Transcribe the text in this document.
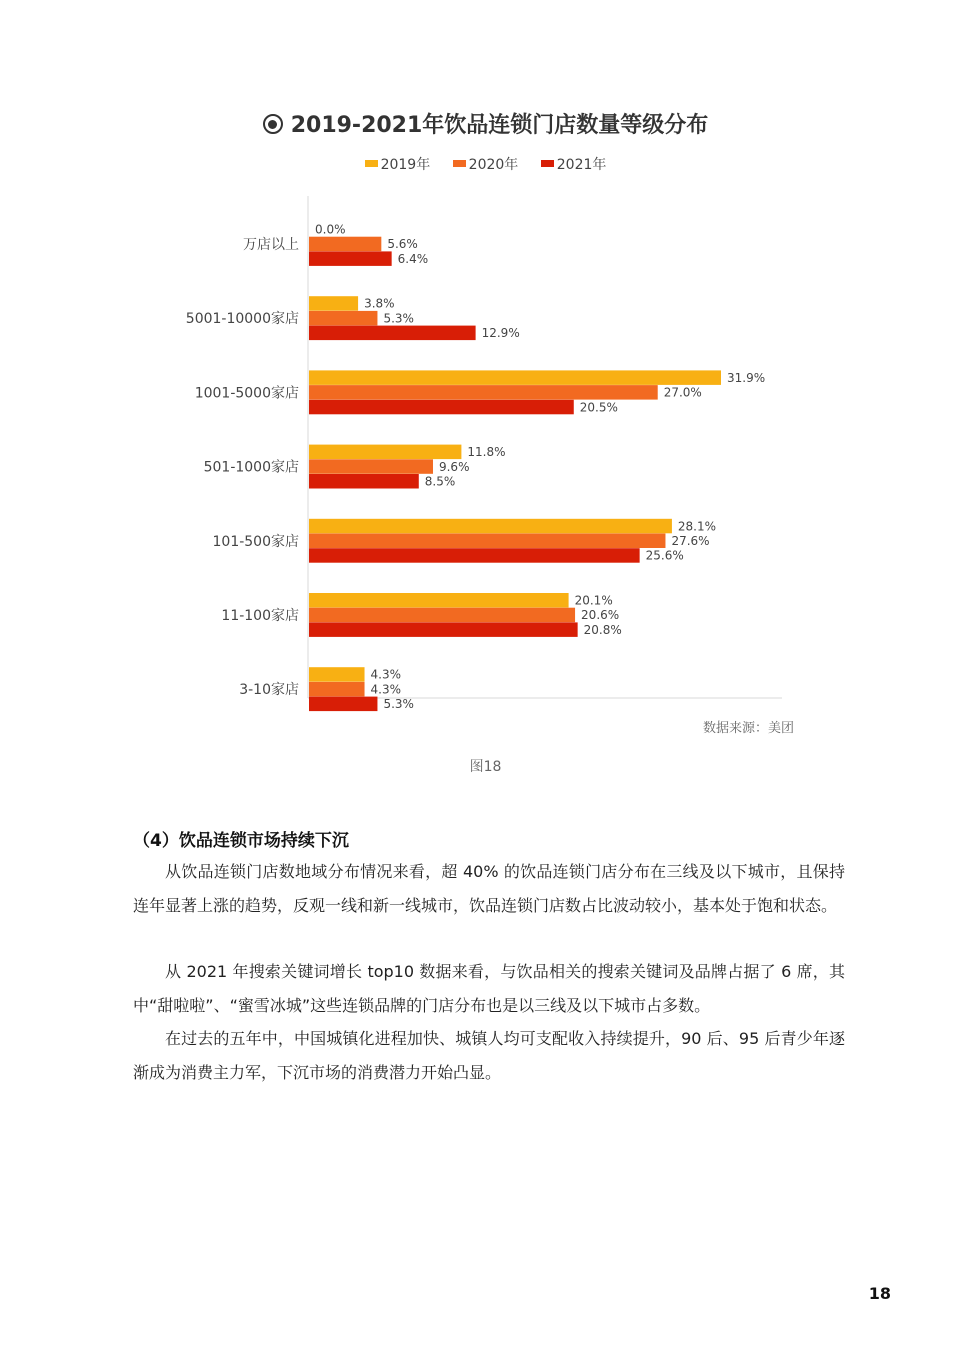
2019-2021年饮品连锁门店数量等级分布
2019年	2020年	2021年
万店以上
0.0%
5.6%
6.4%
5001-10000家店
3.8%
5.3%
12.9%
1001-5000家店
31.9%
27.0%
20.5%
501-1000家店
11.8%
9.6%
8.5%
101-500家店
28.1%
27.6%
25.6%
11-100家店
20.1%
20.6%
20.8%
3-10家店
4.3%
4.3%
5.3%
数据来源：美团
图18
（4）饮品连锁市场持续下沉

从饮品连锁门店数地域分布情况来看，超 40% 的饮品连锁门店分布在三线及以下城市，且保持连年显著上涨的趋势，反观一线和新一线城市，饮品连锁门店数占比波动较小，基本处于饱和状态。

从 2021 年搜索关键词增长 top10 数据来看，与饮品相关的搜索关键词及品牌占据了 6 席，其中“甜啦啦”、“蜜雪冰城”这些连锁品牌的门店分布也是以三线及以下城市占多数。

在过去的五年中，中国城镇化进程加快、城镇人均可支配收入持续提升，90 后、95 后青少年逐渐成为消费主力军，下沉市场的消费潜力开始凸显。

18
